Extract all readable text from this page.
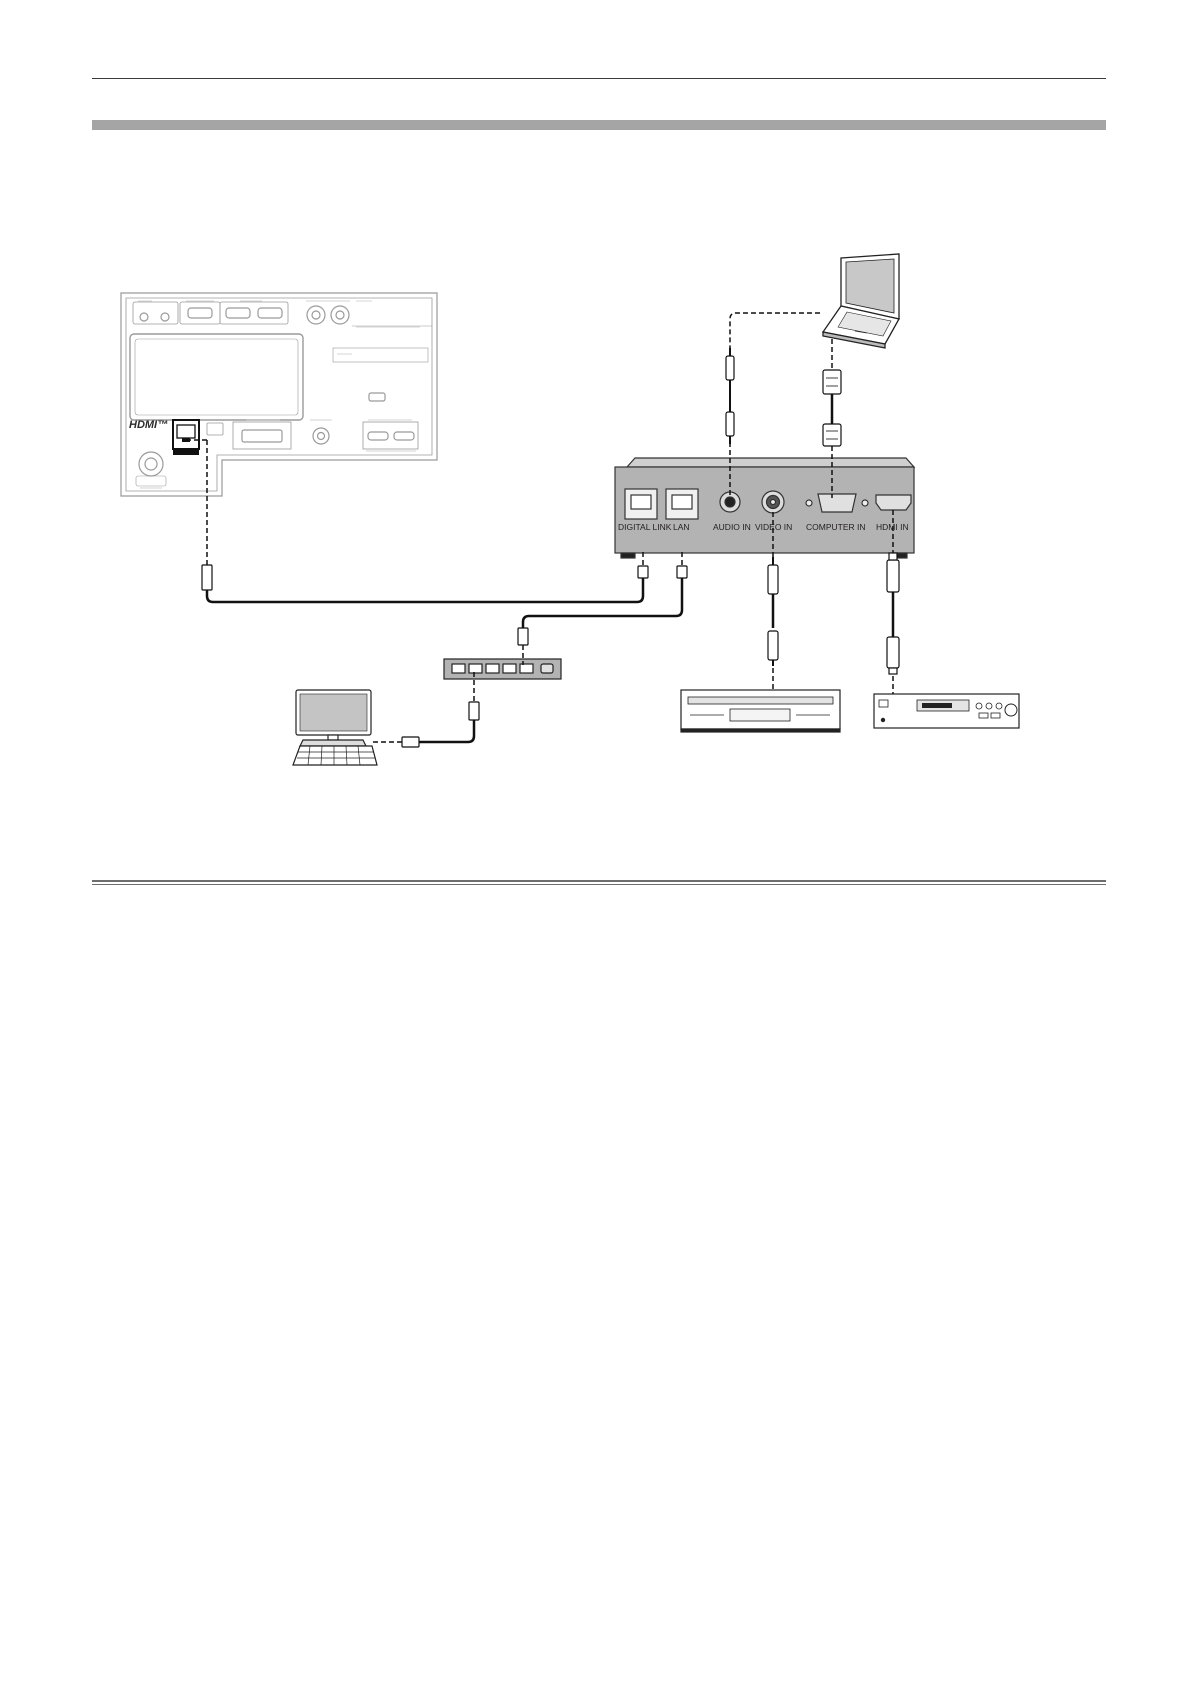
HDMI™
DIGITAL LINK LAN	AUDIO IN VIDEO IN COMPUTER IN HDMI IN
